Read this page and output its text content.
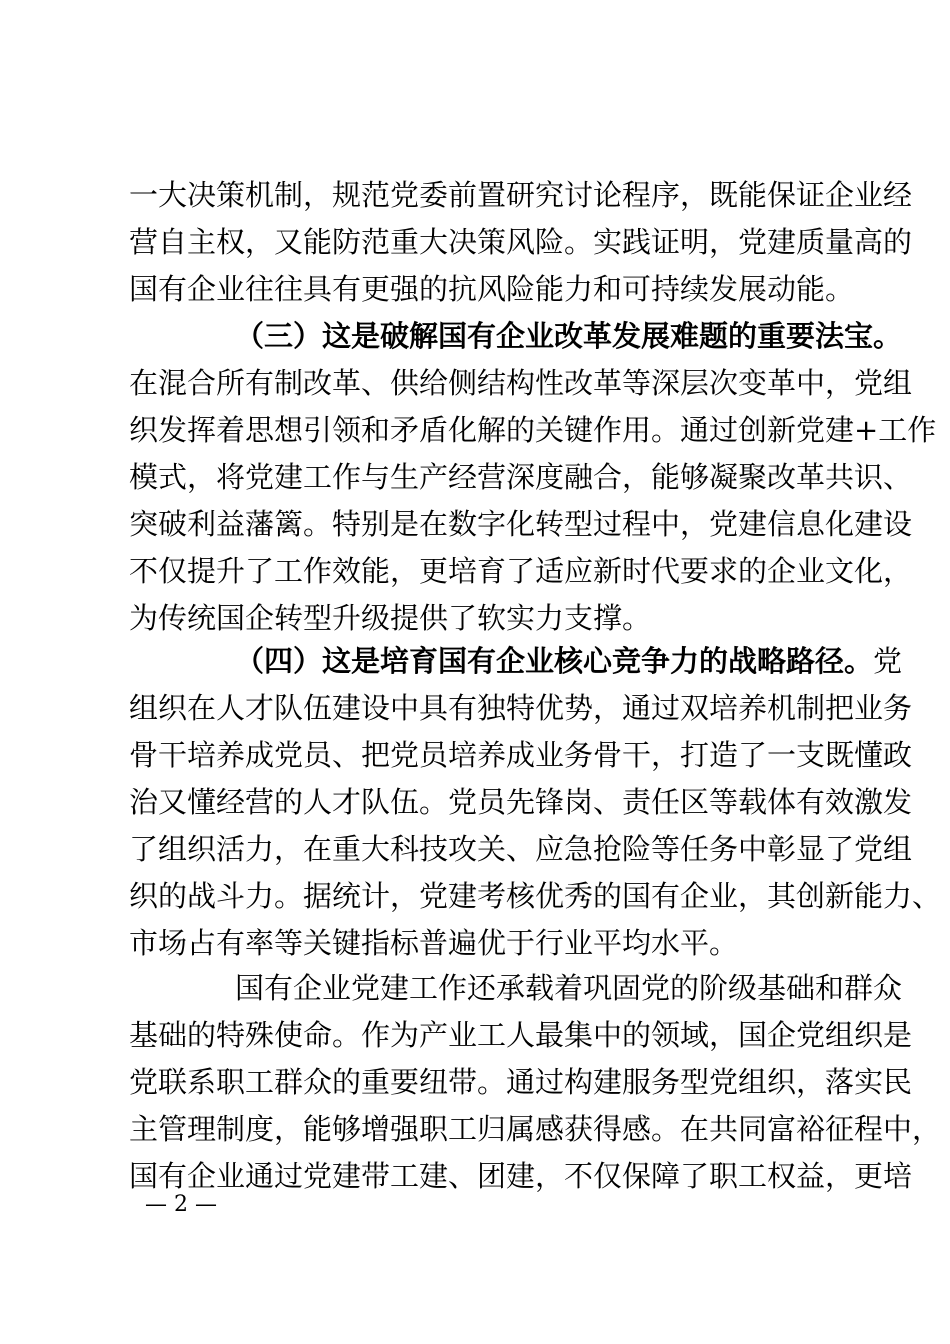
一大决策机制，规范党委前置研究讨论程序，既能保证企业经
营自主权，又能防范重大决策风险。实践证明，党建质量高的
国有企业往往具有更强的抗风险能力和可持续发展动能。
（三）这是破解国有企业改革发展难题的重要法宝。
在混合所有制改革、供给侧结构性改革等深层次变革中，党组
织发挥着思想引领和矛盾化解的关键作用。通过创新党建+工作
模式，将党建工作与生产经营深度融合，能够凝聚改革共识、
突破利益藩篱。特别是在数字化转型过程中，党建信息化建设
不仅提升了工作效能，更培育了适应新时代要求的企业文化，
为传统国企转型升级提供了软实力支撑。
（四）这是培育国有企业核心竞争力的战略路径。党
组织在人才队伍建设中具有独特优势，通过双培养机制把业务
骨干培养成党员、把党员培养成业务骨干，打造了一支既懂政
治又懂经营的人才队伍。党员先锋岗、责任区等载体有效激发
了组织活力，在重大科技攻关、应急抢险等任务中彰显了党组
织的战斗力。据统计，党建考核优秀的国有企业，其创新能力、
市场占有率等关键指标普遍优于行业平均水平。
国有企业党建工作还承载着巩固党的阶级基础和群众
基础的特殊使命。作为产业工人最集中的领域，国企党组织是
党联系职工群众的重要纽带。通过构建服务型党组织，落实民
主管理制度，能够增强职工归属感获得感。在共同富裕征程中，
国有企业通过党建带工建、团建，不仅保障了职工权益，更培
— 2 —
